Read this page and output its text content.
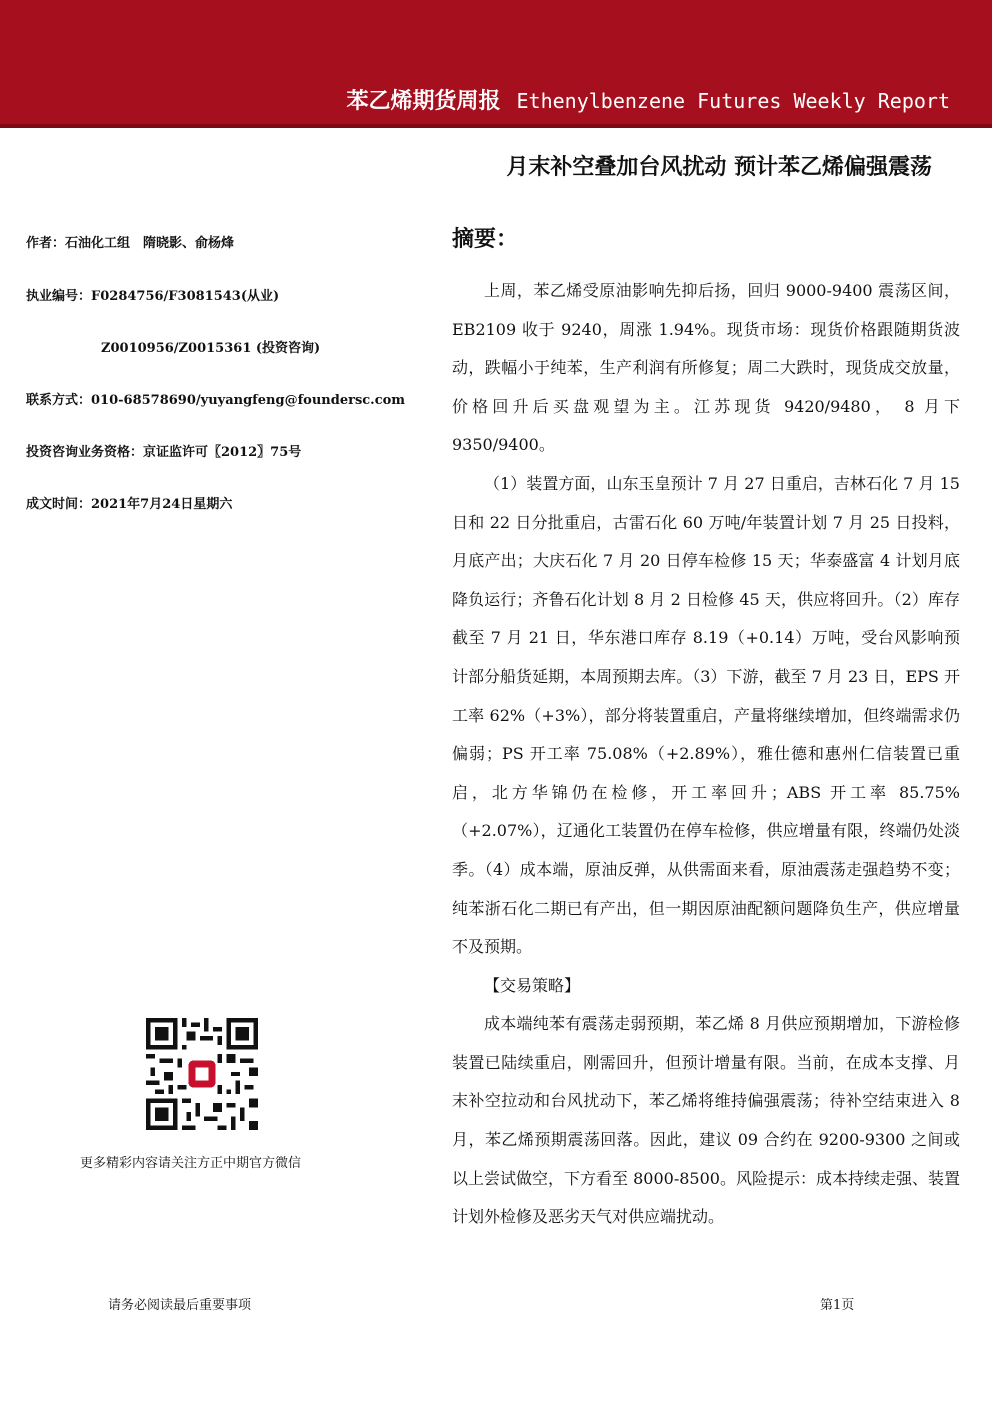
苯乙烯期货周报 Ethenylbenzene Futures Weekly Report
月末补空叠加台风扰动 预计苯乙烯偏强震荡
作者：石油化工组　隋晓影、俞杨烽
执业编号：F0284756/F3081543(从业)
Z0010956/Z0015361 (投资咨询)
联系方式：010-68578690/yuyangfeng@foundersc.com
投资咨询业务资格：京证监许可〖2012〗75号
成文时间：2021年7月24日星期六
更多精彩内容请关注方正中期官方微信
摘要：

上周，苯乙烯受原油影响先抑后扬，回归 9000-9400 震荡区间， EB2109 收于 9240，周涨 1.94%。现货市场：现货价格跟随期货波动，跌幅小于纯苯，生产利润有所修复；周二大跌时，现货成交放量，价格回升后买盘观望为主。江苏现货 9420/9480， 8 月下 9350/9400。

（1）装置方面，山东玉皇预计 7 月 27 日重启，吉林石化 7 月 15 日和 22 日分批重启，古雷石化 60 万吨/年装置计划 7 月 25 日投料，月底产出；大庆石化 7 月 20 日停车检修 15 天；华泰盛富 4 计划月底降负运行；齐鲁石化计划 8 月 2 日检修 45 天，供应将回升。（2）库存截至 7 月 21 日，华东港口库存 8.19（+0.14）万吨，受台风影响预计部分船货延期，本周预期去库。（3）下游，截至 7 月 23 日，EPS 开工率 62%（+3%），部分将装置重启，产量将继续增加，但终端需求仍偏弱；PS 开工率 75.08%（+2.89%），雅仕德和惠州仁信装置已重启，北方华锦仍在检修，开工率回升；ABS 开工率 85.75%（+2.07%），辽通化工装置仍在停车检修，供应增量有限，终端仍处淡季。（4）成本端，原油反弹，从供需面来看，原油震荡走强趋势不变；纯苯浙石化二期已有产出，但一期因原油配额问题降负生产，供应增量不及预期。

【交易策略】

成本端纯苯有震荡走弱预期，苯乙烯 8 月供应预期增加，下游检修装置已陆续重启，刚需回升，但预计增量有限。当前，在成本支撑、月末补空拉动和台风扰动下，苯乙烯将维持偏强震荡；待补空结束进入 8 月，苯乙烯预期震荡回落。因此，建议 09 合约在 9200-9300 之间或以上尝试做空，下方看至 8000-8500。风险提示：成本持续走强、装置计划外检修及恶劣天气对供应端扰动。

请务必阅读最后重要事项	第1页
